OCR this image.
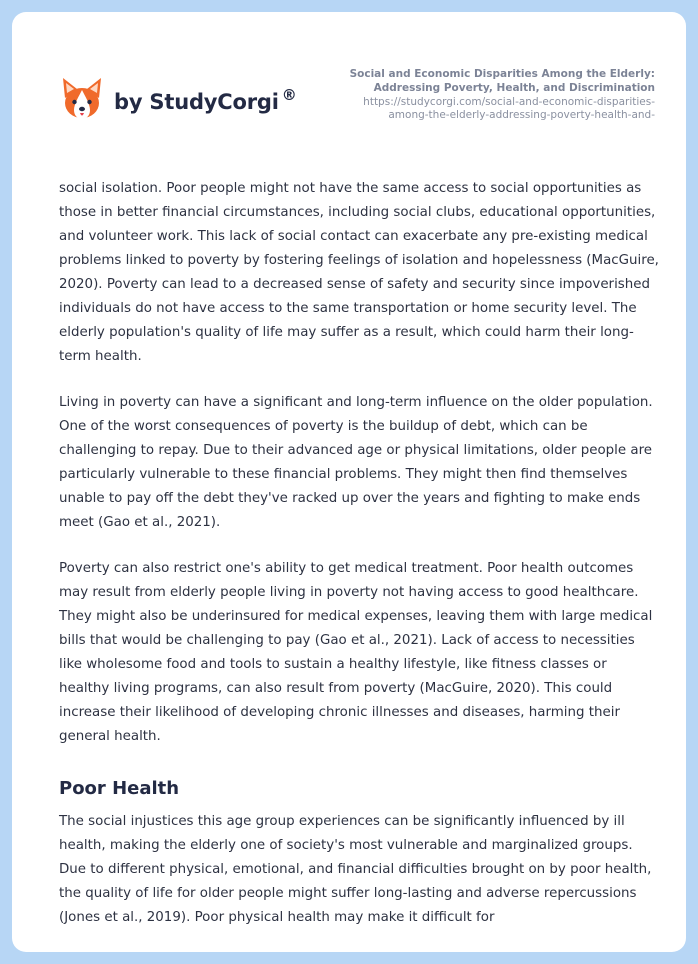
by StudyCorgi ®
Social and Economic Disparities Among the Elderly: Addressing Poverty, Health, and Discrimination
https://studycorgi.com/social-and-economic-disparities-among-the-elderly-addressing-poverty-health-and-

social isolation. Poor people might not have the same access to social opportunities as those in better financial circumstances, including social clubs, educational opportunities, and volunteer work. This lack of social contact can exacerbate any pre-existing medical problems linked to poverty by fostering feelings of isolation and hopelessness (MacGuire, 2020). Poverty can lead to a decreased sense of safety and security since impoverished individuals do not have access to the same transportation or home security level. The elderly population's quality of life may suffer as a result, which could harm their long-term health.

Living in poverty can have a significant and long-term influence on the older population. One of the worst consequences of poverty is the buildup of debt, which can be challenging to repay. Due to their advanced age or physical limitations, older people are particularly vulnerable to these financial problems. They might then find themselves unable to pay off the debt they've racked up over the years and fighting to make ends meet (Gao et al., 2021).

Poverty can also restrict one's ability to get medical treatment. Poor health outcomes may result from elderly people living in poverty not having access to good healthcare. They might also be underinsured for medical expenses, leaving them with large medical bills that would be challenging to pay (Gao et al., 2021). Lack of access to necessities like wholesome food and tools to sustain a healthy lifestyle, like fitness classes or healthy living programs, can also result from poverty (MacGuire, 2020). This could increase their likelihood of developing chronic illnesses and diseases, harming their general health.

Poor Health

The social injustices this age group experiences can be significantly influenced by ill health, making the elderly one of society's most vulnerable and marginalized groups. Due to different physical, emotional, and financial difficulties brought on by poor health, the quality of life for older people might suffer long-lasting and adverse repercussions (Jones et al., 2019). Poor physical health may make it difficult for
